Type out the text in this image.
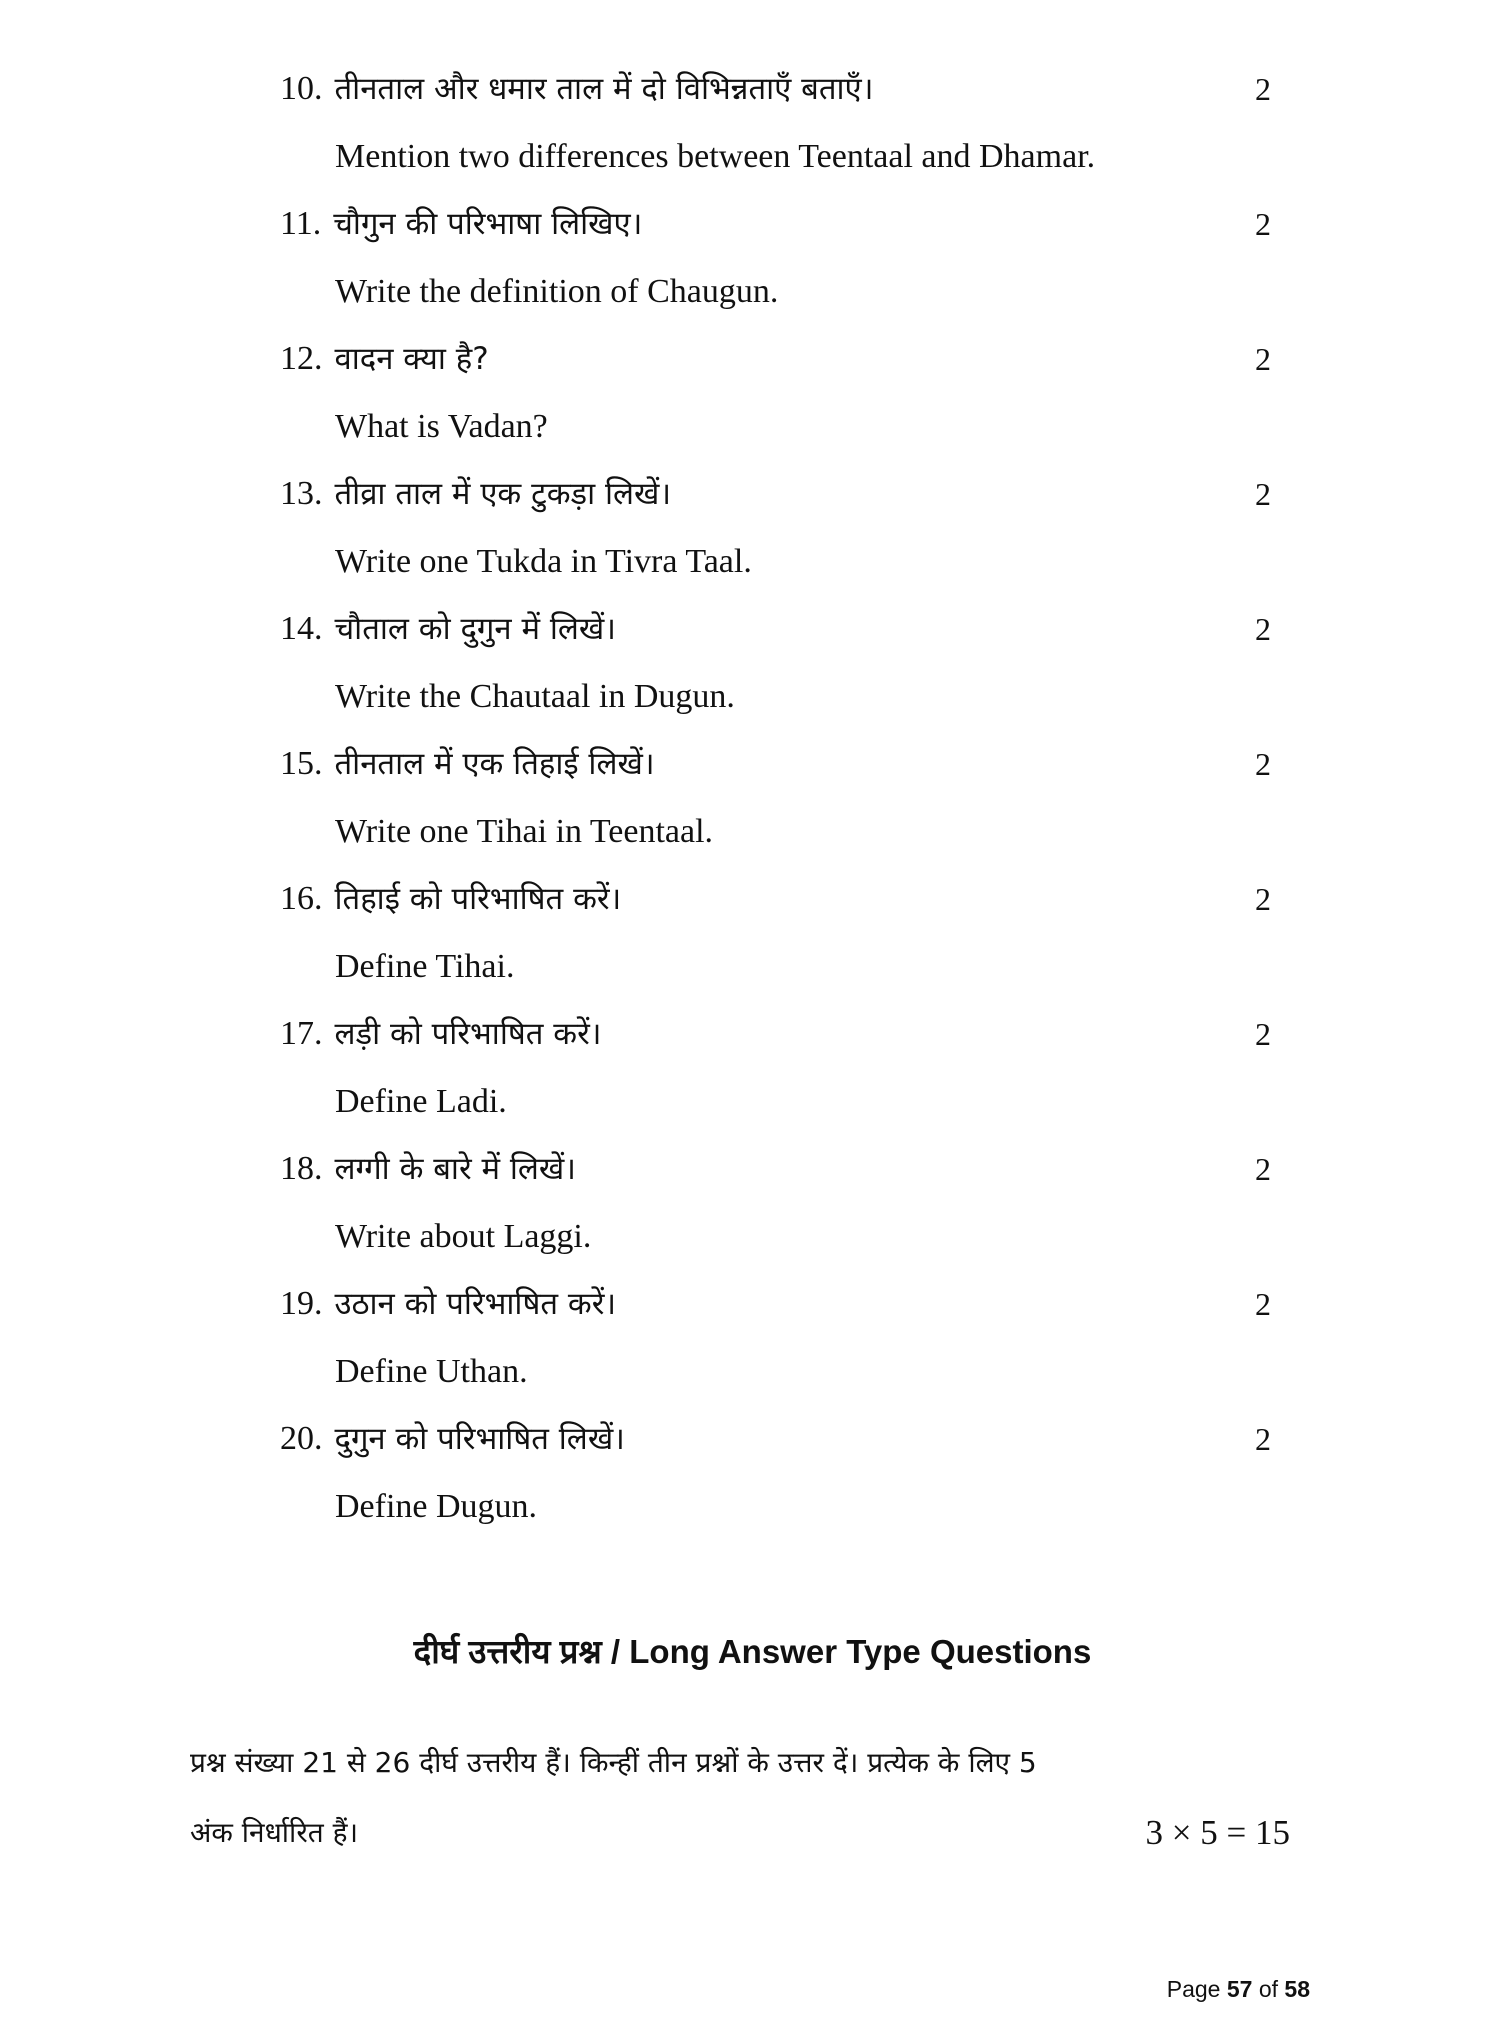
10. तीनताल और धमार ताल में दो विभिन्नताएँ बताएँ।	2
Mention two differences between Teentaal and Dhamar.
11. चौगुन की परिभाषा लिखिए।	2
Write the definition of Chaugun.
12. वादन क्या है?	2
What is Vadan?
13. तीव्रा ताल में एक टुकड़ा लिखें।	2
Write one Tukda in Tivra Taal.
14. चौताल को दुगुन में लिखें।	2
Write the Chautaal in Dugun.
15. तीनताल में एक तिहाई लिखें।	2
Write one Tihai in Teentaal.
16. तिहाई को परिभाषित करें।	2
Define Tihai.
17. लड़ी को परिभाषित करें।	2
Define Ladi.
18. लग्गी के बारे में लिखें।	2
Write about Laggi.
19. उठान को परिभाषित करें।	2
Define Uthan.
20. दुगुन को परिभाषित लिखें।	2
Define Dugun.
दीर्घ उत्तरीय प्रश्न / Long Answer Type Questions
प्रश्न संख्या 21 से 26 दीर्घ उत्तरीय हैं। किन्हीं तीन प्रश्नों के उत्तर दें। प्रत्येक के लिए 5
अंक निर्धारित हैं।	3 × 5 = 15
Page 57 of 58
